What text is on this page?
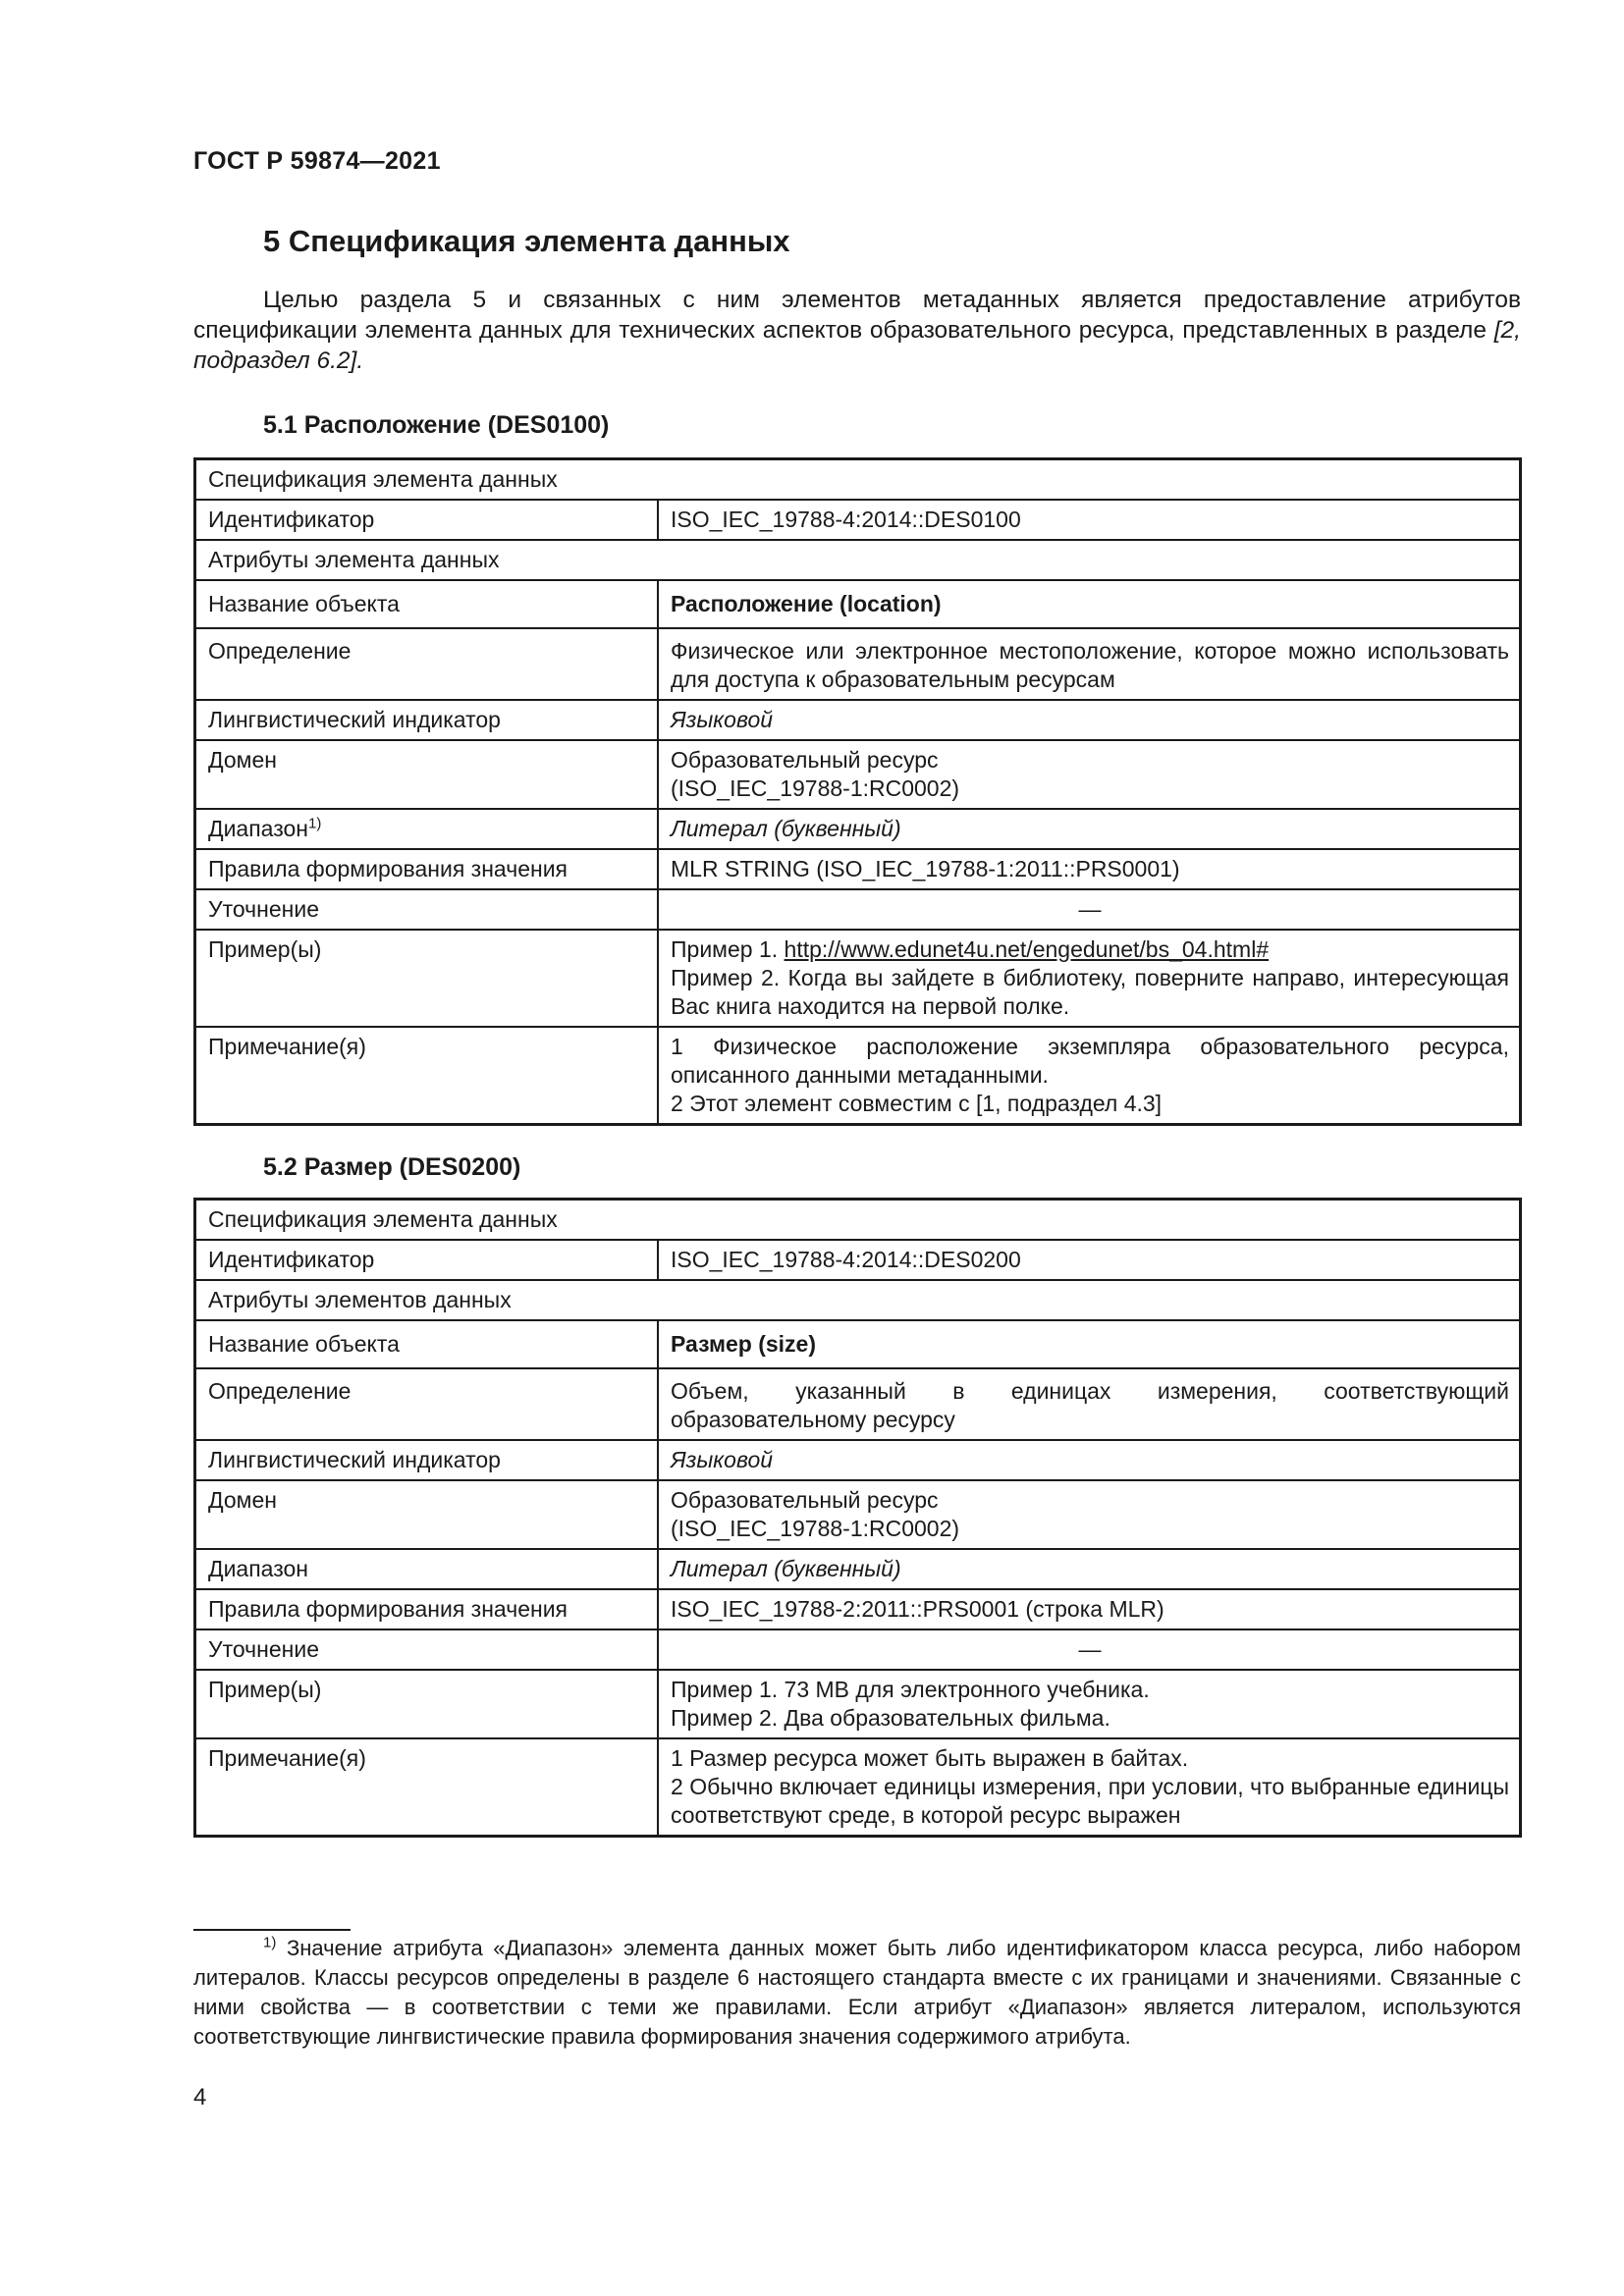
ГОСТ Р 59874—2021
5 Спецификация элемента данных
Целью раздела 5 и связанных с ним элементов метаданных является предоставление атрибутов спецификации элемента данных для технических аспектов образовательного ресурса, представленных в разделе [2, подраздел 6.2].
5.1 Расположение (DES0100)
Спецификация элемента данных	
Идентификатор	ISO_IEC_19788-4:2014::DES0100
Атрибуты элемента данных	
Название объекта	Расположение (location)
Определение	Физическое или электронное местоположение, которое можно использовать для доступа к образовательным ресурсам
Лингвистический индикатор	Языковой
Домен	Образовательный ресурс
(ISO_IEC_19788-1:RC0002)

Диапазон$^{1)}$	Литерал (буквенный)
Правила формирования значения	MLR STRING (ISO_IEC_19788-1:2011::PRS0001)
Уточнение	—
Пример(ы)	Пример 1. http://www.edunet4u.net/engedunet/bs_04.html#
Пример 2. Когда вы зайдете в библиотеку, поверните направо, интересующая Вас книга находится на первой полке.

Примечание(я)	1 Физическое расположение экземпляра образовательного ресурса, описанного данными метаданными.
2 Этот элемент совместим с [1, подраздел 4.3]
5.2 Размер (DES0200)
Спецификация элемента данных	
Идентификатор	ISO_IEC_19788-4:2014::DES0200
Атрибуты элементов данных	
Название объекта	Размер (size)
Определение	Объем, указанный в единицах измерения, соответствующий образовательному ресурсу
Лингвистический индикатор	Языковой
Домен	Образовательный ресурс
(ISO_IEC_19788-1:RC0002)

Диапазон	Литерал (буквенный)
Правила формирования значения	ISO_IEC_19788-2:2011::PRS0001 (строка MLR)
Уточнение	—
Пример(ы)	Пример 1. 73 MB для электронного учебника.
Пример 2. Два образовательных фильма.

Примечание(я)	1 Размер ресурса может быть выражен в байтах.
2 Обычно включает единицы измерения, при условии, что выбранные единицы соответствуют среде, в которой ресурс выражен
$^{1)}$ Значение атрибута «Диапазон» элемента данных может быть либо идентификатором класса ресурса, либо набором литералов. Классы ресурсов определены в разделе 6 настоящего стандарта вместе с их границами и значениями. Связанные с ними свойства — в соответствии с теми же правилами. Если атрибут «Диапазон» является литералом, используются соответствующие лингвистические правила формирования значения содержимого атрибута.
4
